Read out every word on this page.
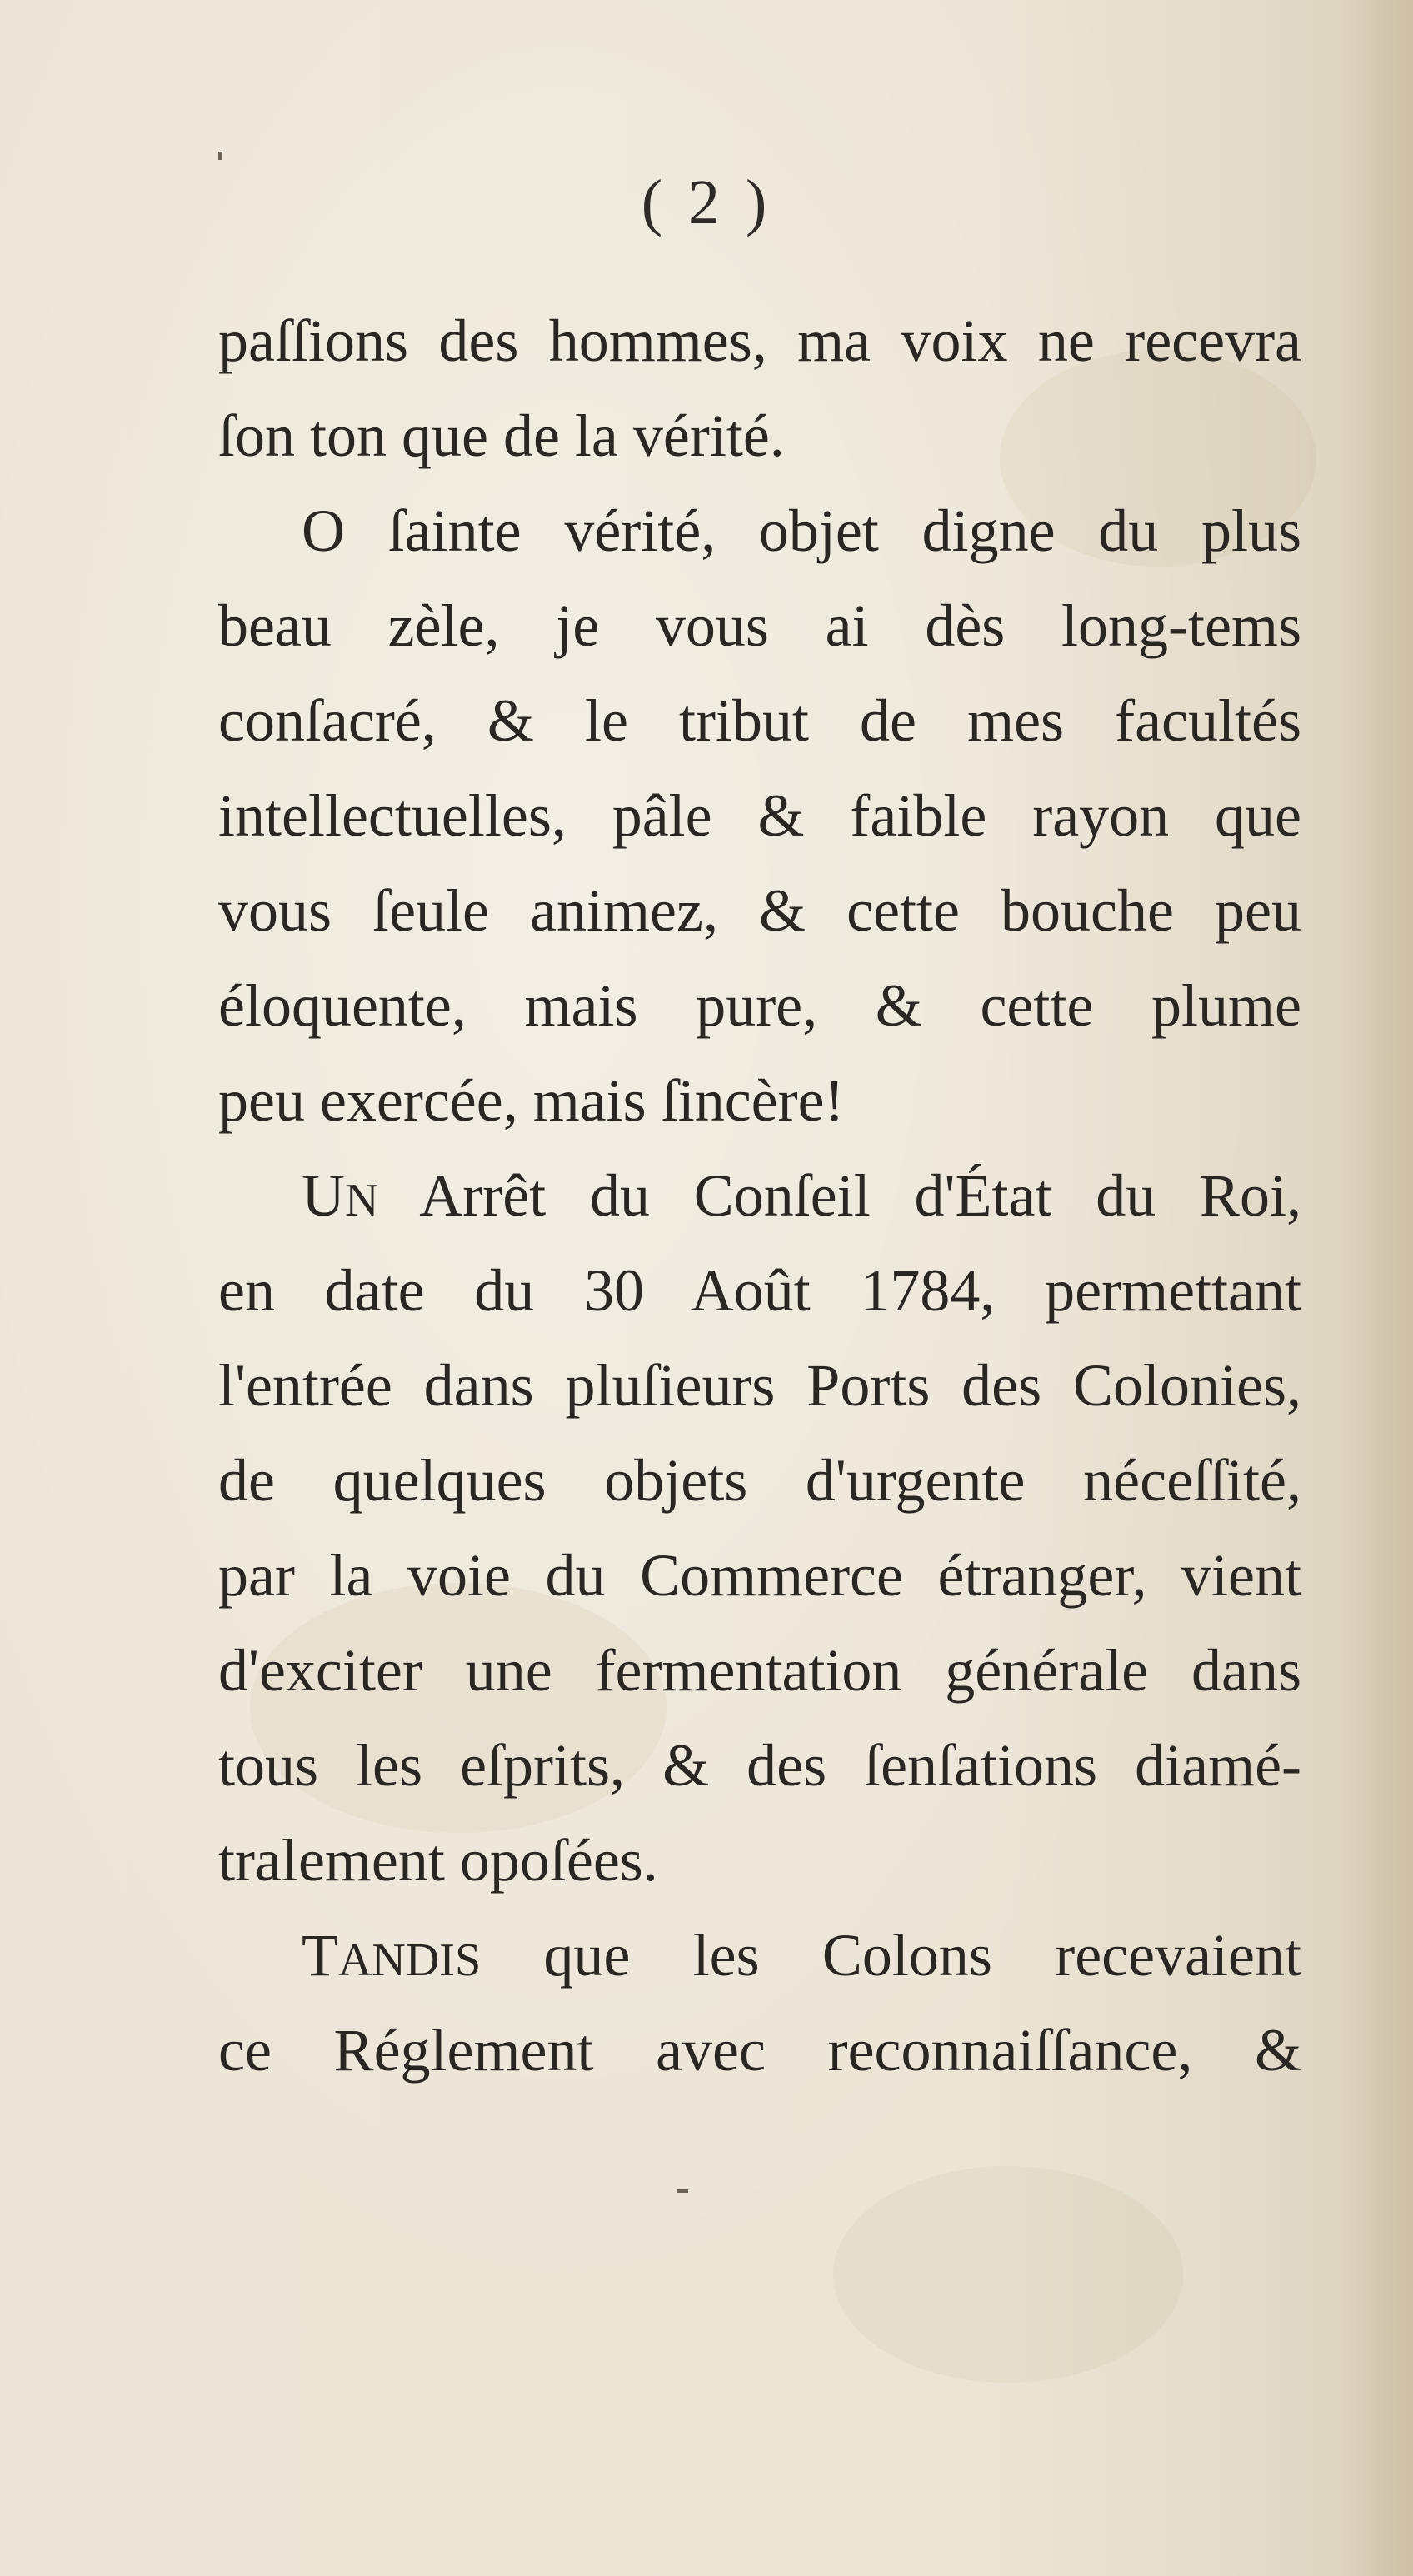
( 2 )
paſſions des hommes, ma voix ne recevra
ſon ton que de la vérité.
O ſainte vérité, objet digne du plus
beau zèle, je vous ai dès long-tems
conſacré, & le tribut de mes facultés
intellectuelles, pâle & faible rayon que
vous ſeule animez, & cette bouche peu
éloquente, mais pure, & cette plume
peu exercée, mais ſincère!
UN Arrêt du Conſeil d'État du Roi,
en date du 30 Août 1784, permettant
l'entrée dans pluſieurs Ports des Colonies,
de quelques objets d'urgente néceſſité,
par la voie du Commerce étranger, vient
d'exciter une fermentation générale dans
tous les eſprits, & des ſenſations diamé-
tralement opoſées.
TANDIS que les Colons recevaient
ce Réglement avec reconnaiſſance, &
